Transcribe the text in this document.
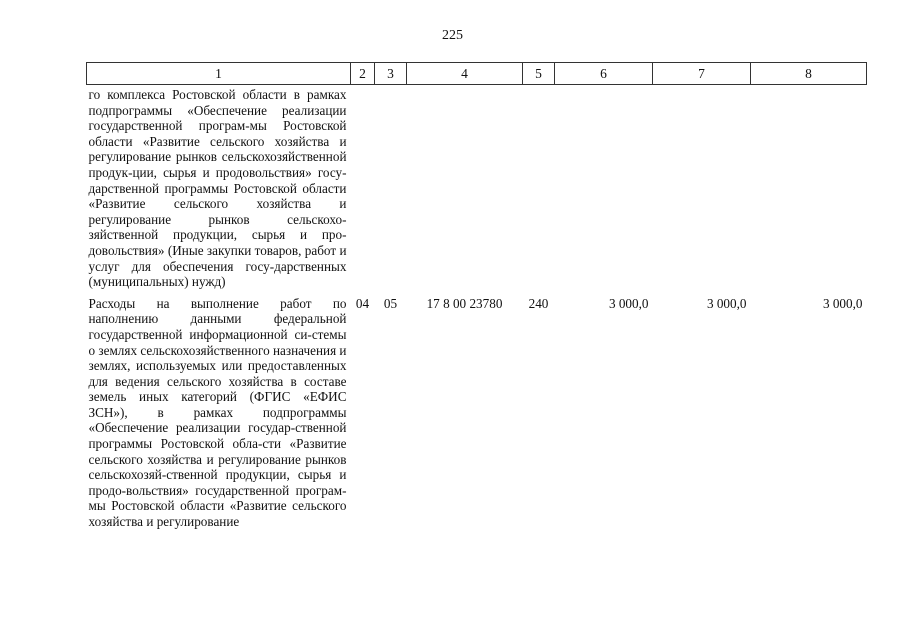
225
1	2	3	4	5	6	7	8
го комплекса Ростовской области в рамках подпрограммы «Обеспечение реализации государственной програм-мы Ростовской области «Развитие сельского хозяйства и регулирование рынков сельскохозяйственной продук-ции, сырья и продовольствия» госу-дарственной программы Ростовской области «Развитие сельского хозяйства и регулирование рынков сельскохо-зяйственной продукции, сырья и про-довольствия» (Иные закупки товаров, работ и услуг для обеспечения госу-дарственных (муниципальных) нужд)							
Расходы на выполнение работ по наполнению данными федеральной государственной информационной си-стемы о землях сельскохозяйственного назначения и землях, используемых или предоставленных для ведения сельского хозяйства в составе земель иных категорий (ФГИС «ЕФИС ЗСН»), в рамках подпрограммы «Обеспечение реализации государ-ственной программы Ростовской обла-сти «Развитие сельского хозяйства и регулирование рынков сельскохозяй-ственной продукции, сырья и продо-вольствия» государственной програм-мы Ростовской области «Развитие сельского хозяйства и регулирование	04	05	17 8 00 23780	240	3 000,0	3 000,0	3 000,0
